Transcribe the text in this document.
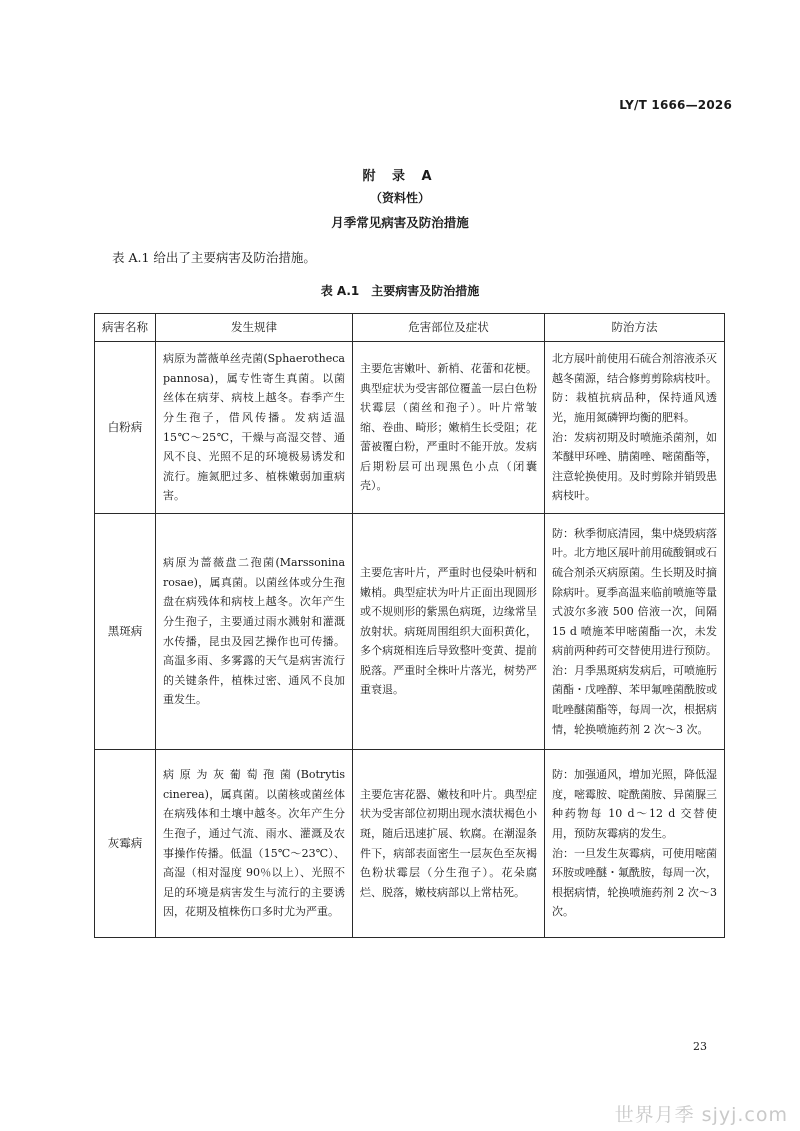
LY/T 1666—2026
附 录 A
（资料性）
月季常见病害及防治措施
表 A.1 给出了主要病害及防治措施。
表 A.1　主要病害及防治措施
病害名称	发生规律	危害部位及症状	防治方法
白粉病	病原为蔷薇单丝壳菌(Sphaerotheca pannosa)，属专性寄生真菌。以菌丝体在病芽、病枝上越冬。春季产生分生孢子，借风传播。发病适温 15℃～25℃，干燥与高湿交替、通风不良、光照不足的环境极易诱发和流行。施氮肥过多、植株嫩弱加重病害。	主要危害嫩叶、新梢、花蕾和花梗。典型症状为受害部位覆盖一层白色粉状霉层（菌丝和孢子）。叶片常皱缩、卷曲、畸形；嫩梢生长受阻；花蕾被覆白粉，严重时不能开放。发病后期粉层可出现黑色小点（闭囊壳）。	北方展叶前使用石硫合剂溶液杀灭越冬菌源，结合修剪剪除病枝叶。
防：栽植抗病品种，保持通风透光，施用氮磷钾均衡的肥料。
治：发病初期及时喷施杀菌剂，如苯醚甲环唑、腈菌唑、嘧菌酯等，注意轮换使用。及时剪除并销毁患病枝叶。

黑斑病	病原为蔷薇盘二孢菌(Marssonina rosae)，属真菌。以菌丝体或分生孢盘在病残体和病枝上越冬。次年产生分生孢子，主要通过雨水溅射和灌溉水传播，昆虫及园艺操作也可传播。高温多雨、多雾露的天气是病害流行的关键条件，植株过密、通风不良加重发生。	主要危害叶片，严重时也侵染叶柄和嫩梢。典型症状为叶片正面出现圆形或不规则形的紫黑色病斑，边缘常呈放射状。病斑周围组织大面积黄化，多个病斑相连后导致整叶变黄、提前脱落。严重时全株叶片落光，树势严重衰退。	防：秋季彻底清园，集中烧毁病落叶。北方地区展叶前用硫酸铜或石硫合剂杀灭病原菌。生长期及时摘除病叶。夏季高温来临前喷施等量式波尔多液 500 倍液一次，间隔 15 d 喷施苯甲嘧菌酯一次，未发病前两种药可交替使用进行预防。
治：月季黑斑病发病后，可喷施肟菌酯・戊唑醇、苯甲氟唑菌酰胺或吡唑醚菌酯等，每周一次，根据病情，轮换喷施药剂 2 次～3 次。

灰霉病	病原为灰葡萄孢菌(Botrytis cinerea)，属真菌。以菌核或菌丝体在病残体和土壤中越冬。次年产生分生孢子，通过气流、雨水、灌溉及农事操作传播。低温（15℃～23℃）、高湿（相对湿度 90％以上）、光照不足的环境是病害发生与流行的主要诱因，花期及植株伤口多时尤为严重。	主要危害花器、嫩枝和叶片。典型症状为受害部位初期出现水渍状褐色小斑，随后迅速扩展、软腐。在潮湿条件下，病部表面密生一层灰色至灰褐色粉状霉层（分生孢子）。花朵腐烂、脱落，嫩枝病部以上常枯死。	防：加强通风，增加光照，降低湿度，嘧霉胺、啶酰菌胺、异菌脲三种药物每 10 d～12 d 交替使用，预防灰霉病的发生。
治：一旦发生灰霉病，可使用嘧菌环胺或唑醚・氟酰胺，每周一次，根据病情，轮换喷施药剂 2 次～3 次。
23
世界月季 sjyj.com
